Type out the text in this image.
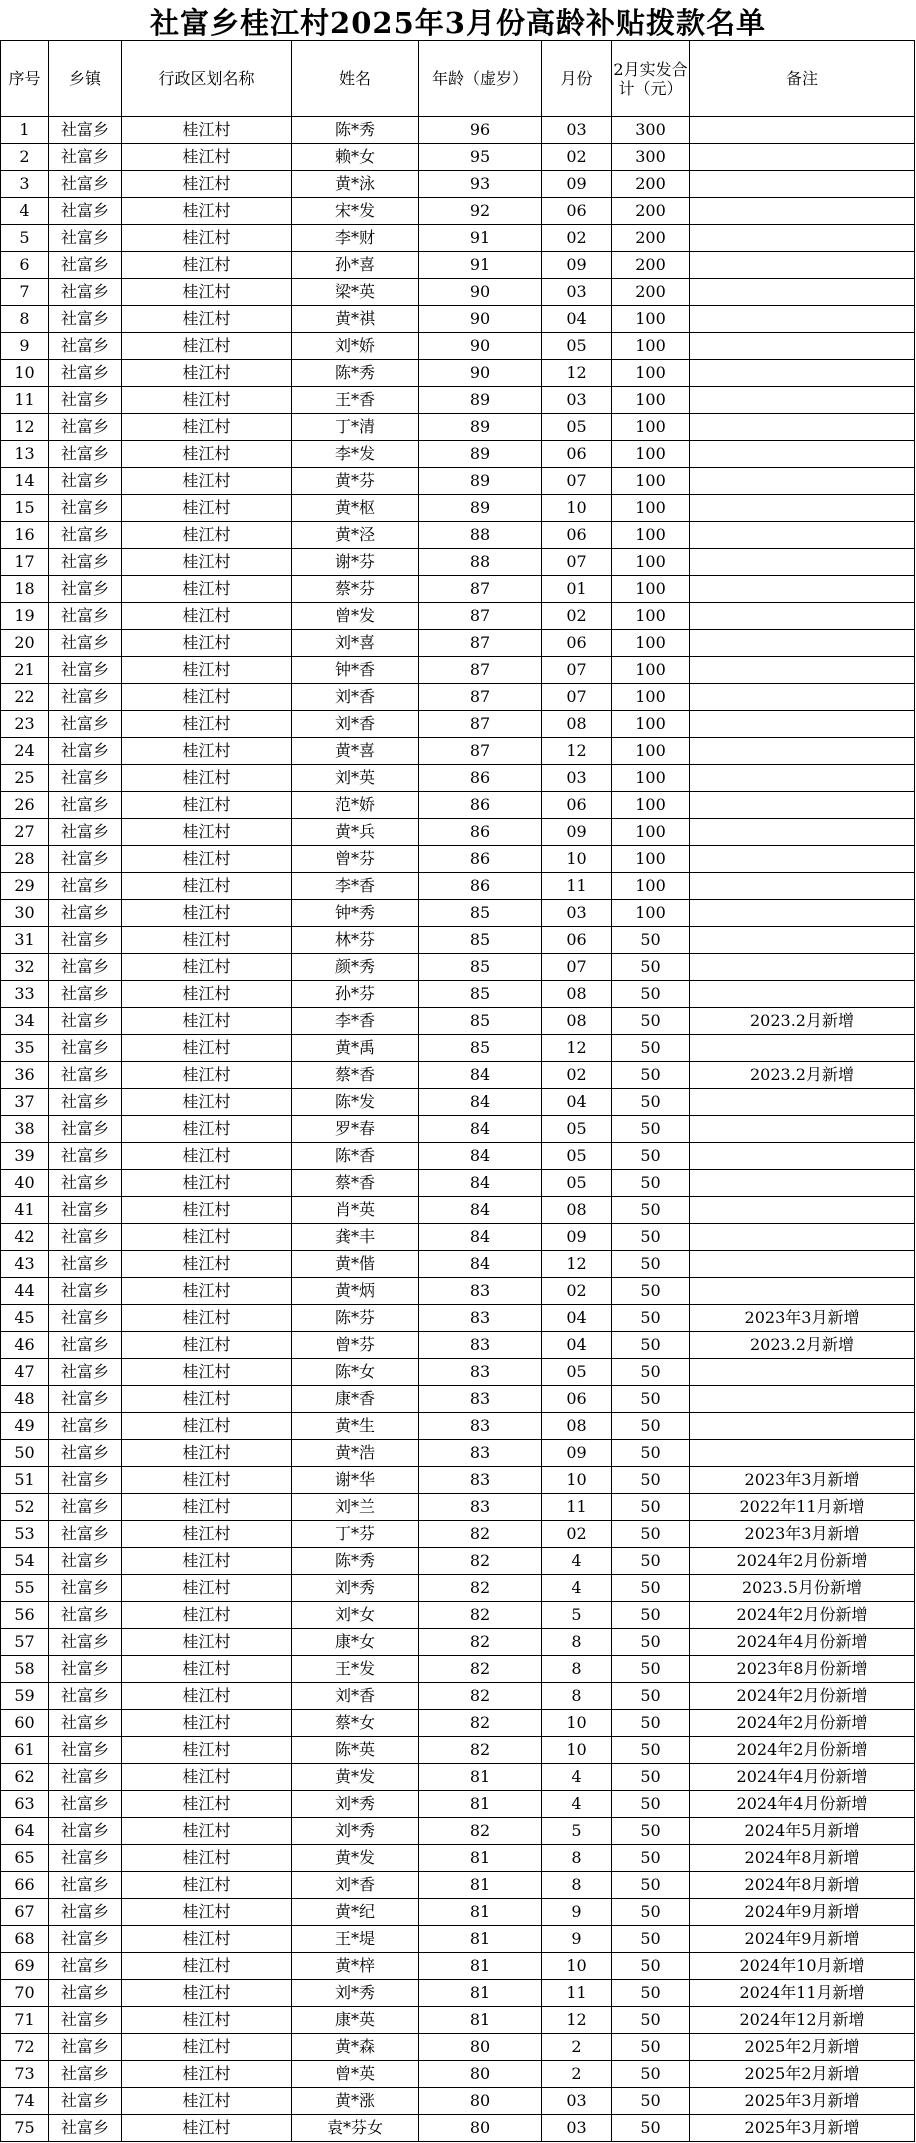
社富乡桂江村2025年3月份高龄补贴拨款名单
序号	乡镇	行政区划名称	姓名	年龄（虚岁）	月份	2月实发合计（元）	备注
1	社富乡	桂江村	陈*秀	96	03	300	
2	社富乡	桂江村	赖*女	95	02	300	
3	社富乡	桂江村	黄*泳	93	09	200	
4	社富乡	桂江村	宋*发	92	06	200	
5	社富乡	桂江村	李*财	91	02	200	
6	社富乡	桂江村	孙*喜	91	09	200	
7	社富乡	桂江村	梁*英	90	03	200	
8	社富乡	桂江村	黄*祺	90	04	100	
9	社富乡	桂江村	刘*娇	90	05	100	
10	社富乡	桂江村	陈*秀	90	12	100	
11	社富乡	桂江村	王*香	89	03	100	
12	社富乡	桂江村	丁*清	89	05	100	
13	社富乡	桂江村	李*发	89	06	100	
14	社富乡	桂江村	黄*芬	89	07	100	
15	社富乡	桂江村	黄*枢	89	10	100	
16	社富乡	桂江村	黄*泾	88	06	100	
17	社富乡	桂江村	谢*芬	88	07	100	
18	社富乡	桂江村	蔡*芬	87	01	100	
19	社富乡	桂江村	曾*发	87	02	100	
20	社富乡	桂江村	刘*喜	87	06	100	
21	社富乡	桂江村	钟*香	87	07	100	
22	社富乡	桂江村	刘*香	87	07	100	
23	社富乡	桂江村	刘*香	87	08	100	
24	社富乡	桂江村	黄*喜	87	12	100	
25	社富乡	桂江村	刘*英	86	03	100	
26	社富乡	桂江村	范*娇	86	06	100	
27	社富乡	桂江村	黄*兵	86	09	100	
28	社富乡	桂江村	曾*芬	86	10	100	
29	社富乡	桂江村	李*香	86	11	100	
30	社富乡	桂江村	钟*秀	85	03	100	
31	社富乡	桂江村	林*芬	85	06	50	
32	社富乡	桂江村	颜*秀	85	07	50	
33	社富乡	桂江村	孙*芬	85	08	50	
34	社富乡	桂江村	李*香	85	08	50	2023.2月新增
35	社富乡	桂江村	黄*禹	85	12	50	
36	社富乡	桂江村	蔡*香	84	02	50	2023.2月新增
37	社富乡	桂江村	陈*发	84	04	50	
38	社富乡	桂江村	罗*春	84	05	50	
39	社富乡	桂江村	陈*香	84	05	50	
40	社富乡	桂江村	蔡*香	84	05	50	
41	社富乡	桂江村	肖*英	84	08	50	
42	社富乡	桂江村	龚*丰	84	09	50	
43	社富乡	桂江村	黄*偕	84	12	50	
44	社富乡	桂江村	黄*炳	83	02	50	
45	社富乡	桂江村	陈*芬	83	04	50	2023年3月新增
46	社富乡	桂江村	曾*芬	83	04	50	2023.2月新增
47	社富乡	桂江村	陈*女	83	05	50	
48	社富乡	桂江村	康*香	83	06	50	
49	社富乡	桂江村	黄*生	83	08	50	
50	社富乡	桂江村	黄*浩	83	09	50	
51	社富乡	桂江村	谢*华	83	10	50	2023年3月新增
52	社富乡	桂江村	刘*兰	83	11	50	2022年11月新增
53	社富乡	桂江村	丁*芬	82	02	50	2023年3月新增
54	社富乡	桂江村	陈*秀	82	4	50	2024年2月份新增
55	社富乡	桂江村	刘*秀	82	4	50	2023.5月份新增
56	社富乡	桂江村	刘*女	82	5	50	2024年2月份新增
57	社富乡	桂江村	康*女	82	8	50	2024年4月份新增
58	社富乡	桂江村	王*发	82	8	50	2023年8月份新增
59	社富乡	桂江村	刘*香	82	8	50	2024年2月份新增
60	社富乡	桂江村	蔡*女	82	10	50	2024年2月份新增
61	社富乡	桂江村	陈*英	82	10	50	2024年2月份新增
62	社富乡	桂江村	黄*发	81	4	50	2024年4月份新增
63	社富乡	桂江村	刘*秀	81	4	50	2024年4月份新增
64	社富乡	桂江村	刘*秀	82	5	50	2024年5月新增
65	社富乡	桂江村	黄*发	81	8	50	2024年8月新增
66	社富乡	桂江村	刘*香	81	8	50	2024年8月新增
67	社富乡	桂江村	黄*纪	81	9	50	2024年9月新增
68	社富乡	桂江村	王*堤	81	9	50	2024年9月新增
69	社富乡	桂江村	黄*梓	81	10	50	2024年10月新增
70	社富乡	桂江村	刘*秀	81	11	50	2024年11月新增
71	社富乡	桂江村	康*英	81	12	50	2024年12月新增
72	社富乡	桂江村	黄*森	80	2	50	2025年2月新增
73	社富乡	桂江村	曾*英	80	2	50	2025年2月新增
74	社富乡	桂江村	黄*涨	80	03	50	2025年3月新增
75	社富乡	桂江村	袁*芬女	80	03	50	2025年3月新增
